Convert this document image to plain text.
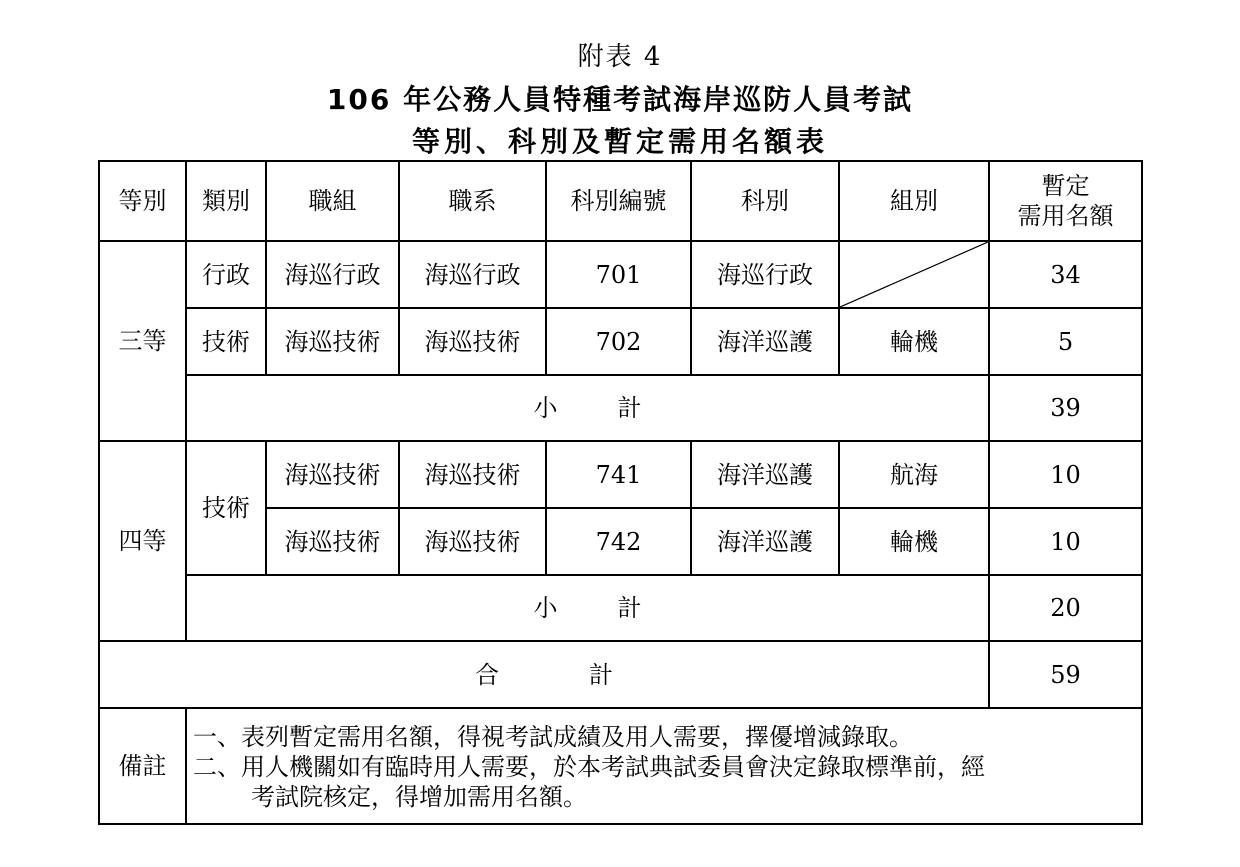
附表 4
106 年公務人員特種考試海岸巡防人員考試
等別、科別及暫定需用名額表
等別	類別	職組	職系	科別編號	科別	組別	暫定
需用名額

三等	行政	海巡行政	海巡行政	701	海巡行政		34
	技術	海巡技術	海巡技術	702	海洋巡護	輪機	5
	小 計						39
四等	技術	海巡技術	海巡技術	741	海洋巡護	航海	10
		海巡技術	海巡技術	742	海洋巡護	輪機	10
	小 計						20
合 計							59
備註	一、表列暫定需用名額，得視考試成績及用人需要，擇優增減錄取。
二、用人機關如有臨時用人需要，於本考試典試委員會決定錄取標準前，經
考試院核定，得增加需用名額。						
